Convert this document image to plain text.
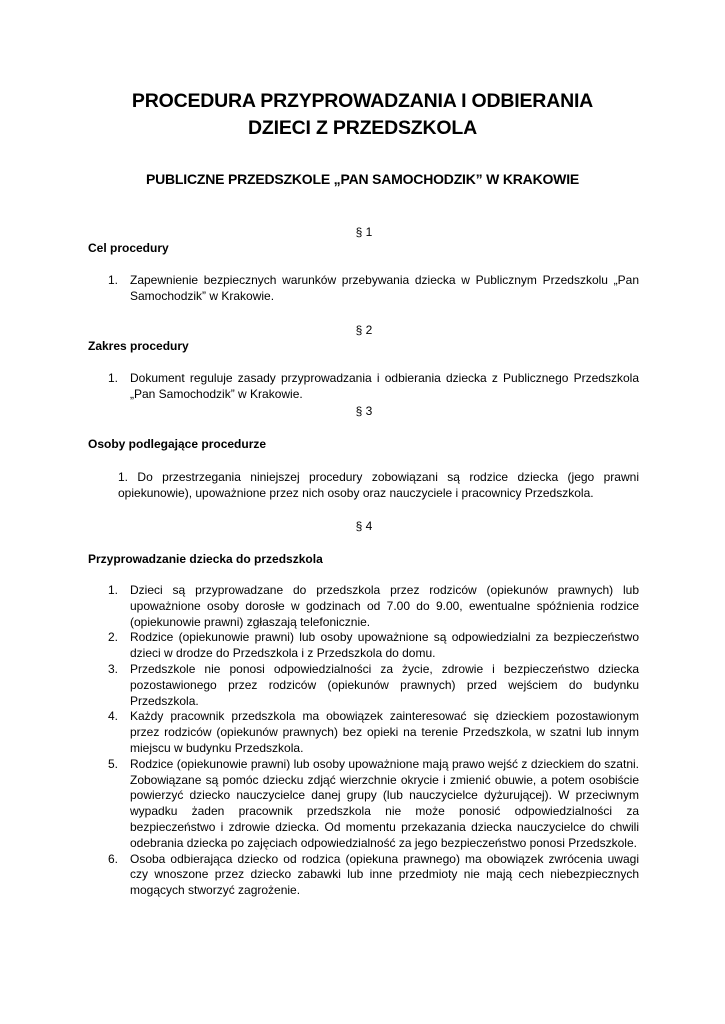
PROCEDURA PRZYPROWADZANIA I ODBIERANIA
DZIECI Z PRZEDSZKOLA
PUBLICZNE PRZEDSZKOLE „PAN SAMOCHODZIK” W KRAKOWIE
§ 1
Cel procedury
1. Zapewnienie bezpiecznych warunków przebywania dziecka w Publicznym Przedszkolu „Pan Samochodzik” w Krakowie.
§ 2
Zakres procedury
1. Dokument reguluje zasady przyprowadzania i odbierania dziecka z Publicznego Przedszkola „Pan Samochodzik” w Krakowie.
§ 3
Osoby podlegające procedurze
1. Do przestrzegania niniejszej procedury zobowiązani są rodzice dziecka (jego prawni opiekunowie), upoważnione przez nich osoby oraz nauczyciele i pracownicy Przedszkola.
§ 4
Przyprowadzanie dziecka do przedszkola
1. Dzieci są przyprowadzane do przedszkola przez rodziców (opiekunów prawnych) lub upoważnione osoby dorosłe w godzinach od 7.00 do 9.00, ewentualne spóźnienia rodzice (opiekunowie prawni) zgłaszają telefonicznie.
2. Rodzice (opiekunowie prawni) lub osoby upoważnione są odpowiedzialni za bezpieczeństwo dzieci w drodze do Przedszkola i z Przedszkola do domu.
3. Przedszkole nie ponosi odpowiedzialności za życie, zdrowie i bezpieczeństwo dziecka pozostawionego przez rodziców (opiekunów prawnych) przed wejściem do budynku Przedszkola.
4. Każdy pracownik przedszkola ma obowiązek zainteresować się dzieckiem pozostawionym przez rodziców (opiekunów prawnych) bez opieki na terenie Przedszkola, w szatni lub innym miejscu w budynku Przedszkola.
5. Rodzice (opiekunowie prawni) lub osoby upoważnione mają prawo wejść z dzieckiem do szatni. Zobowiązane są pomóc dziecku zdjąć wierzchnie okrycie i zmienić obuwie, a potem osobiście powierzyć dziecko nauczycielce danej grupy (lub nauczycielce dyżurującej). W przeciwnym wypadku żaden pracownik przedszkola nie może ponosić odpowiedzialności za bezpieczeństwo i zdrowie dziecka. Od momentu przekazania dziecka nauczycielce do chwili odebrania dziecka po zajęciach odpowiedzialność za jego bezpieczeństwo ponosi Przedszkole.
6. Osoba odbierająca dziecko od rodzica (opiekuna prawnego) ma obowiązek zwrócenia uwagi czy wnoszone przez dziecko zabawki lub inne przedmioty nie mają cech niebezpiecznych mogących stworzyć zagrożenie.
